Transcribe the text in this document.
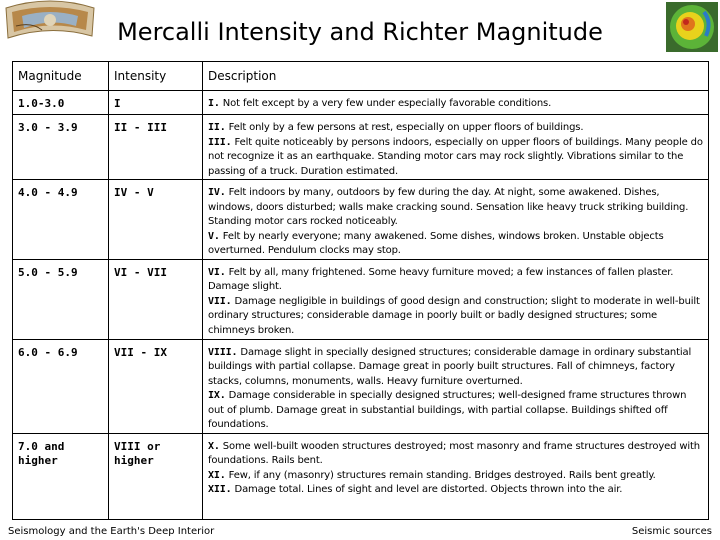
Mercalli Intensity and Richter Magnitude
Magnitude	Intensity	Description
1.0-3.0	I	I. Not felt except by a very few under especially favorable conditions.
3.0 - 3.9	II - III	II. Felt only by a few persons at rest, especially on upper floors of buildings.
III. Felt quite noticeably by persons indoors, especially on upper floors of buildings. Many people do not recognize it as an earthquake. Standing motor cars may rock slightly. Vibrations similar to the passing of a truck. Duration estimated.
4.0 - 4.9	IV - V	IV. Felt indoors by many, outdoors by few during the day. At night, some awakened. Dishes, windows, doors disturbed; walls make cracking sound. Sensation like heavy truck striking building. Standing motor cars rocked noticeably.
V. Felt by nearly everyone; many awakened. Some dishes, windows broken. Unstable objects overturned. Pendulum clocks may stop.
5.0 - 5.9	VI - VII	VI. Felt by all, many frightened. Some heavy furniture moved; a few instances of fallen plaster. Damage slight.
VII. Damage negligible in buildings of good design and construction; slight to moderate in well-built ordinary structures; considerable damage in poorly built or badly designed structures; some chimneys broken.
6.0 - 6.9	VII - IX	VIII. Damage slight in specially designed structures; considerable damage in ordinary substantial buildings with partial collapse. Damage great in poorly built structures. Fall of chimneys, factory stacks, columns, monuments, walls. Heavy furniture overturned.
IX. Damage considerable in specially designed structures; well-designed frame structures thrown out of plumb. Damage great in substantial buildings, with partial collapse. Buildings shifted off foundations.
7.0 and higher	VIII or higher	X. Some well-built wooden structures destroyed; most masonry and frame structures destroyed with foundations. Rails bent.
XI. Few, if any (masonry) structures remain standing. Bridges destroyed. Rails bent greatly.
XII. Damage total. Lines of sight and level are distorted. Objects thrown into the air.
Seismology and the Earth's Deep Interior	Seismic sources
